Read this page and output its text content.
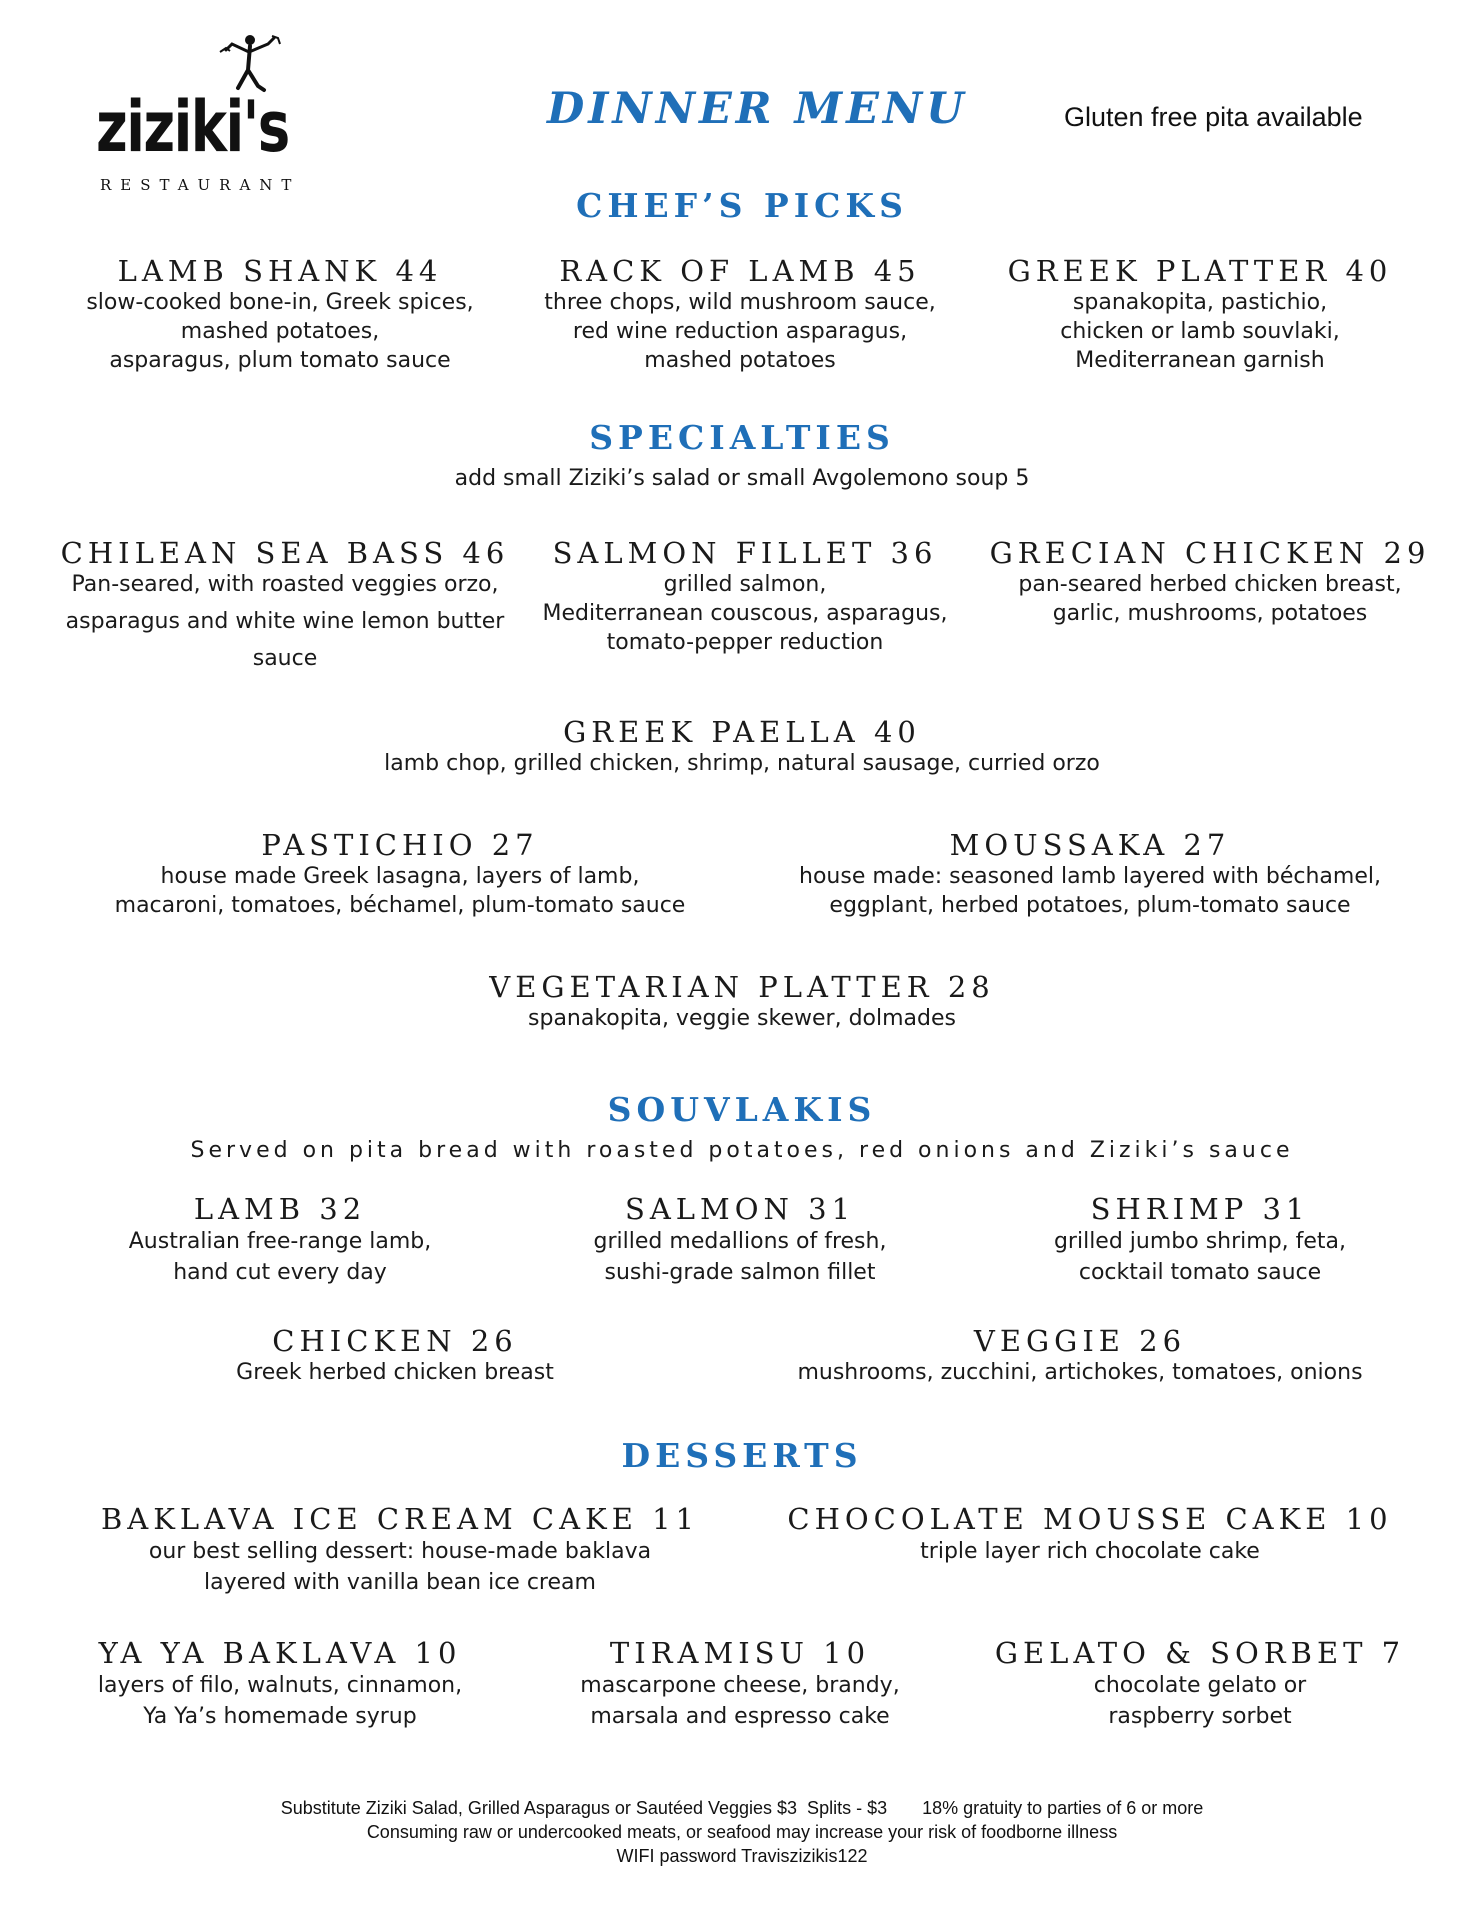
ziziki's
RESTAURANT
DINNER MENU	Gluten free pita available
CHEF’S PICKS
LAMB SHANK 44
slow-cooked bone-in, Greek spices,
mashed potatoes,
asparagus, plum tomato sauce
RACK OF LAMB 45
three chops, wild mushroom sauce,
red wine reduction asparagus,
mashed potatoes
GREEK PLATTER 40
spanakopita, pastichio,
chicken or lamb souvlaki,
Mediterranean garnish
SPECIALTIES
add small Ziziki’s salad or small Avgolemono soup 5
CHILEAN SEA BASS 46
Pan-seared, with roasted veggies orzo,
asparagus and white wine lemon butter
sauce
SALMON FILLET 36
grilled salmon,
Mediterranean couscous, asparagus,
tomato-pepper reduction
GRECIAN CHICKEN 29
pan-seared herbed chicken breast,
garlic, mushrooms, potatoes
GREEK PAELLA 40
lamb chop, grilled chicken, shrimp, natural sausage, curried orzo
PASTICHIO 27
house made Greek lasagna, layers of lamb,
macaroni, tomatoes, béchamel, plum-tomato sauce
MOUSSAKA 27
house made: seasoned lamb layered with béchamel,
eggplant, herbed potatoes, plum-tomato sauce
VEGETARIAN PLATTER 28
spanakopita, veggie skewer, dolmades
SOUVLAKIS
Served on pita bread with roasted potatoes, red onions and Ziziki’s sauce
LAMB 32
Australian free-range lamb,
hand cut every day
SALMON 31
grilled medallions of fresh,
sushi-grade salmon fillet
SHRIMP 31
grilled jumbo shrimp, feta,
cocktail tomato sauce
CHICKEN 26
Greek herbed chicken breast
VEGGIE 26
mushrooms, zucchini, artichokes, tomatoes, onions
DESSERTS
BAKLAVA ICE CREAM CAKE 11
our best selling dessert: house-made baklava
layered with vanilla bean ice cream
CHOCOLATE MOUSSE CAKE 10
triple layer rich chocolate cake
YA YA BAKLAVA 10
layers of filo, walnuts, cinnamon,
Ya Ya’s homemade syrup
TIRAMISU 10
mascarpone cheese, brandy,
marsala and espresso cake
GELATO & SORBET 7
chocolate gelato or
raspberry sorbet
Substitute Ziziki Salad, Grilled Asparagus or Sautéed Veggies $3  Splits - $3       18% gratuity to parties of 6 or more
Consuming raw or undercooked meats, or seafood may increase your risk of foodborne illness
WIFI password Traviszizikis122
